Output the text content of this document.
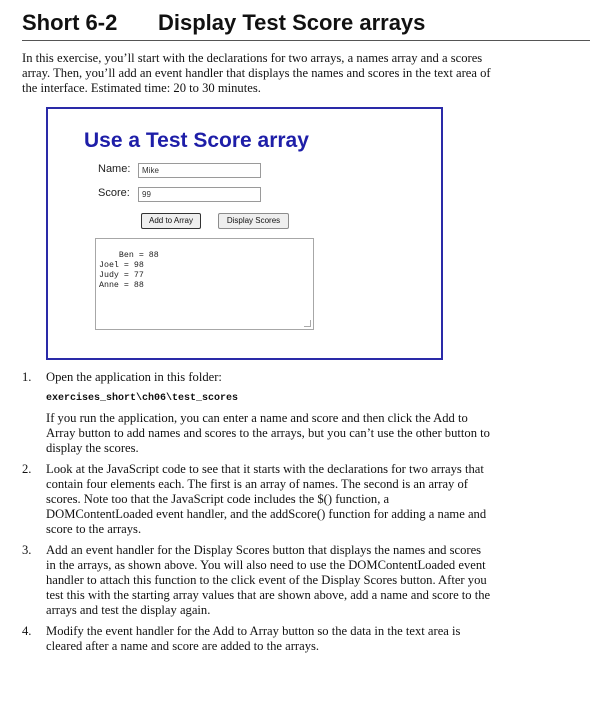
Short 6-2	Display Test Score arrays
In this exercise, you’ll start with the declarations for two arrays, a names array and a scores array. Then, you’ll add an event handler that displays the names and scores in the text area of the interface. Estimated time: 20 to 30 minutes.
Use a Test Score array
Name:	Mike
Score:	99
Add to Array	Display Scores

Ben = 88
Joel = 98
Judy = 77
Anne = 88

1.	Open the application in this folder:

exercises_short\ch06\test_scores

If you run the application, you can enter a name and score and then click the Add to Array button to add names and scores to the arrays, but you can’t use the other button to display the scores.

2.	Look at the JavaScript code to see that it starts with the declarations for two arrays that contain four elements each. The first is an array of names. The second is an array of scores. Note too that the JavaScript code includes the $() function, a DOMContentLoaded event handler, and the addScore() function for adding a name and score to the arrays.

3.	Add an event handler for the Display Scores button that displays the names and scores in the arrays, as shown above. You will also need to use the DOMContentLoaded event handler to attach this function to the click event of the Display Scores button. After you test this with the starting array values that are shown above, add a name and score to the arrays and test the display again.

4.	Modify the event handler for the Add to Array button so the data in the text area is cleared after a name and score are added to the arrays.
